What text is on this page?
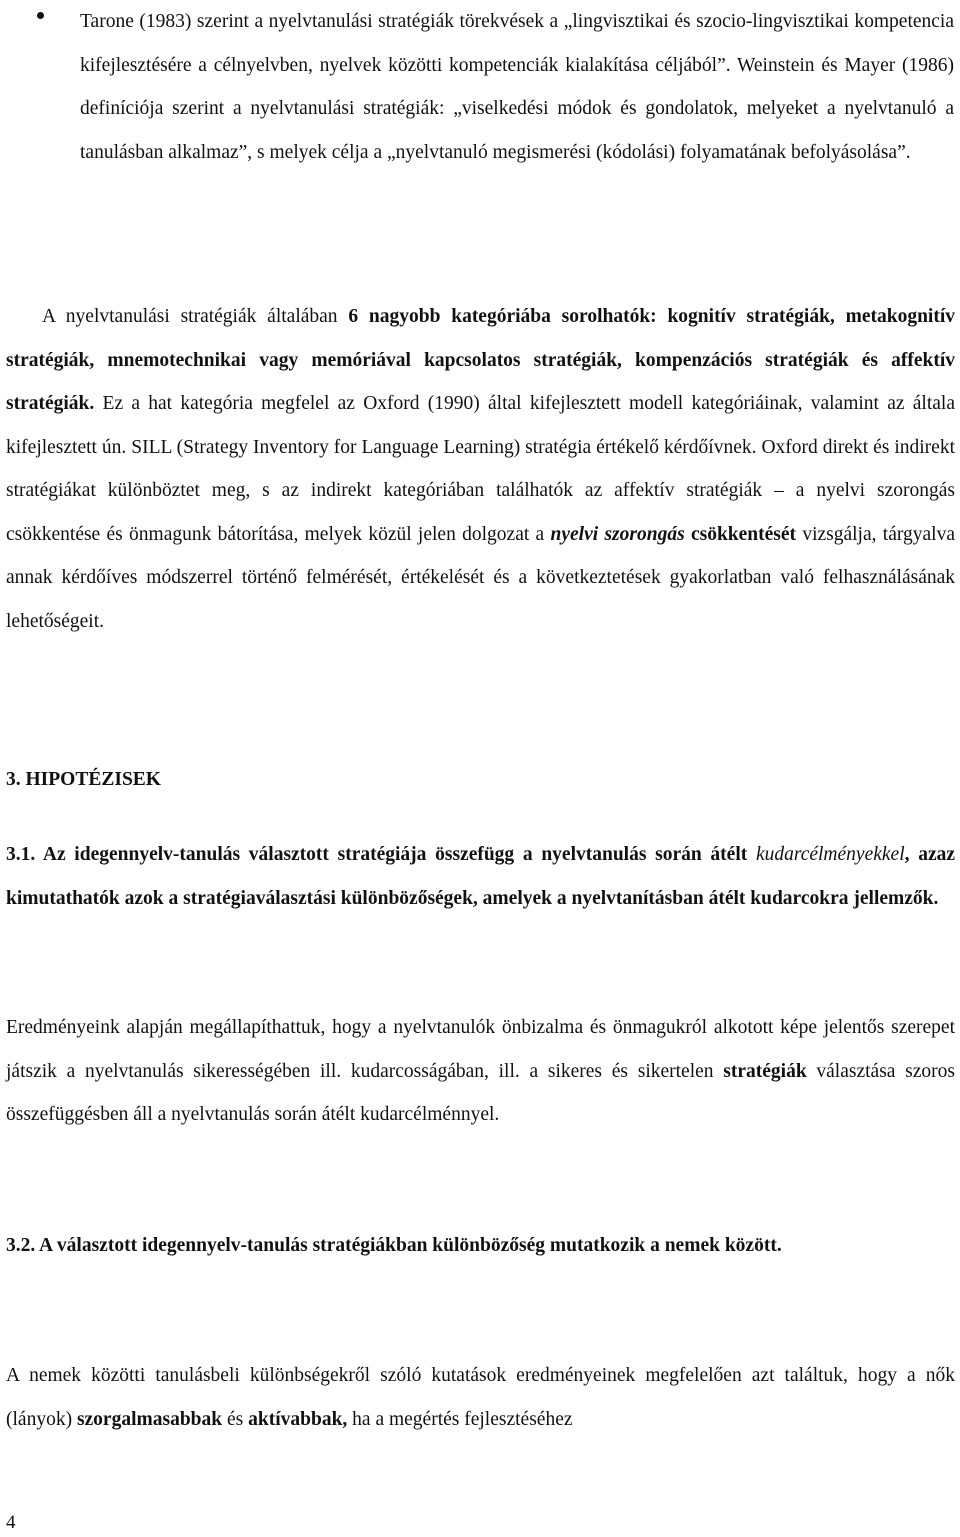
Tarone (1983) szerint a nyelvtanulási stratégiák törekvések a „lingvisztikai és szocio-lingvisztikai kompetencia kifejlesztésére a célnyelvben, nyelvek közötti kompetenciák kialakítása céljából”. Weinstein és Mayer (1986) definíciója szerint a nyelvtanulási stratégiák: „viselkedési módok és gondolatok, melyeket a nyelvtanuló a tanulásban alkalmaz”, s melyek célja a „nyelvtanuló megismerési (kódolási) folyamatának befolyásolása”.
A nyelvtanulási stratégiák általában 6 nagyobb kategóriába sorolhatók: kognitív stratégiák, metakognitív stratégiák, mnemotechnikai vagy memóriával kapcsolatos stratégiák, kompenzációs stratégiák és affektív stratégiák. Ez a hat kategória megfelel az Oxford (1990) által kifejlesztett modell kategóriáinak, valamint az általa kifejlesztett ún. SILL (Strategy Inventory for Language Learning) stratégia értékelő kérdőívnek. Oxford direkt és indirekt stratégiákat különböztet meg, s az indirekt kategóriában találhatók az affektív stratégiák – a nyelvi szorongás csökkentése és önmagunk bátorítása, melyek közül jelen dolgozat a nyelvi szorongás csökkentését vizsgálja, tárgyalva annak kérdőíves módszerrel történő felmérését, értékelését és a következtetések gyakorlatban való felhasználásának lehetőségeit.
3. HIPOTÉZISEK
3.1. Az idegennyelv-tanulás választott stratégiája összefügg a nyelvtanulás során átélt kudarcélményekkel, azaz kimutathatók azok a stratégiaválasztási különbözőségek, amelyek a nyelvtanításban átélt kudarcokra jellemzők.
Eredményeink alapján megállapíthattuk, hogy a nyelvtanulók önbizalma és önmagukról alkotott képe jelentős szerepet játszik a nyelvtanulás sikerességében ill. kudarcosságában, ill. a sikeres és sikertelen stratégiák választása szoros összefüggésben áll a nyelvtanulás során átélt kudarcélménnyel.
3.2. A választott idegennyelv-tanulás stratégiákban különbözőség mutatkozik a nemek között.
A nemek közötti tanulásbeli különbségekről szóló kutatások eredményeinek megfelelően azt találtuk, hogy a nők (lányok) szorgalmasabbak és aktívabbak, ha a megértés fejlesztéséhez
4
